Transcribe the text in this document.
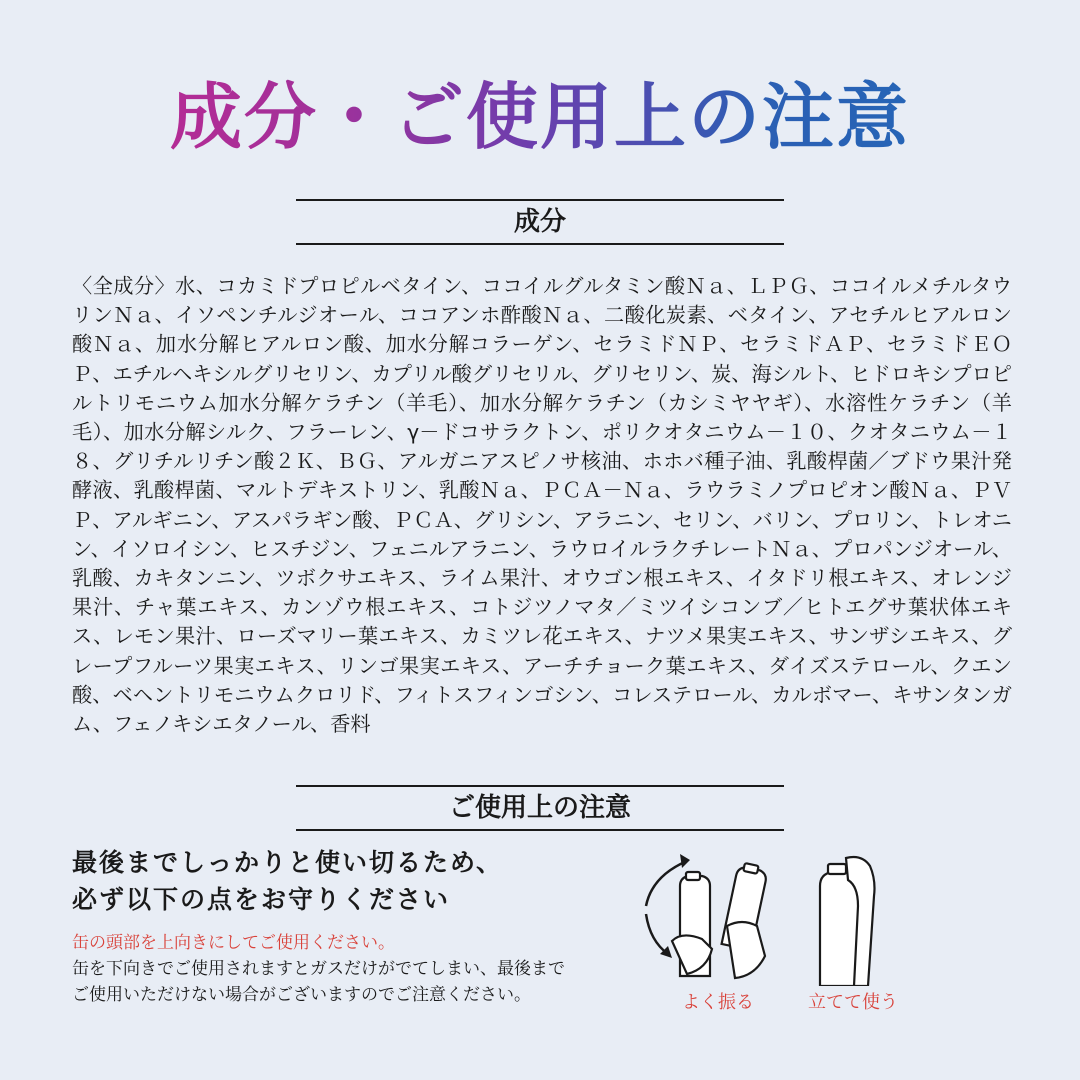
成分・ご使用上の注意
成分
〈全成分〉水、コカミドプロピルベタイン、ココイルグルタミン酸Ｎａ、ＬＰＧ、ココイルメチルタウリンＮａ、イソペンチルジオール、ココアンホ酢酸Ｎａ、二酸化炭素、ベタイン、アセチルヒアルロン酸Ｎａ、加水分解ヒアルロン酸、加水分解コラーゲン、セラミドＮＰ、セラミドＡＰ、セラミドＥＯＰ、エチルヘキシルグリセリン、カプリル酸グリセリル、グリセリン、炭、海シルト、ヒドロキシプロピルトリモニウム加水分解ケラチン（羊毛）、加水分解ケラチン（カシミヤヤギ）、水溶性ケラチン（羊毛）、加水分解シルク、フラーレン、γ－ドコサラクトン、ポリクオタニウム－１０、クオタニウム－１８、グリチルリチン酸２Ｋ、ＢＧ、アルガニアスピノサ核油、ホホバ種子油、乳酸桿菌／ブドウ果汁発酵液、乳酸桿菌、マルトデキストリン、乳酸Ｎａ、ＰＣＡ－Ｎａ、ラウラミノプロピオン酸Ｎａ、ＰＶＰ、アルギニン、アスパラギン酸、ＰＣＡ、グリシン、アラニン、セリン、バリン、プロリン、トレオニン、イソロイシン、ヒスチジン、フェニルアラニン、ラウロイルラクチレートＮａ、プロパンジオール、乳酸、カキタンニン、ツボクサエキス、ライム果汁、オウゴン根エキス、イタドリ根エキス、オレンジ果汁、チャ葉エキス、カンゾウ根エキス、コトジツノマタ／ミツイシコンブ／ヒトエグサ葉状体エキス、レモン果汁、ローズマリー葉エキス、カミツレ花エキス、ナツメ果実エキス、サンザシエキス、グレープフルーツ果実エキス、リンゴ果実エキス、アーチチョーク葉エキス、ダイズステロール、クエン酸、ベヘントリモニウムクロリド、フィトスフィンゴシン、コレステロール、カルボマー、キサンタンガム、フェノキシエタノール、香料
ご使用上の注意
最後までしっかりと使い切るため、
必ず以下の点をお守りください
缶の頭部を上向きにしてご使用ください。
缶を下向きでご使用されますとガスだけがでてしまい、最後まで
ご使用いただけない場合がございますのでご注意ください。	よく振る	立てて使う
